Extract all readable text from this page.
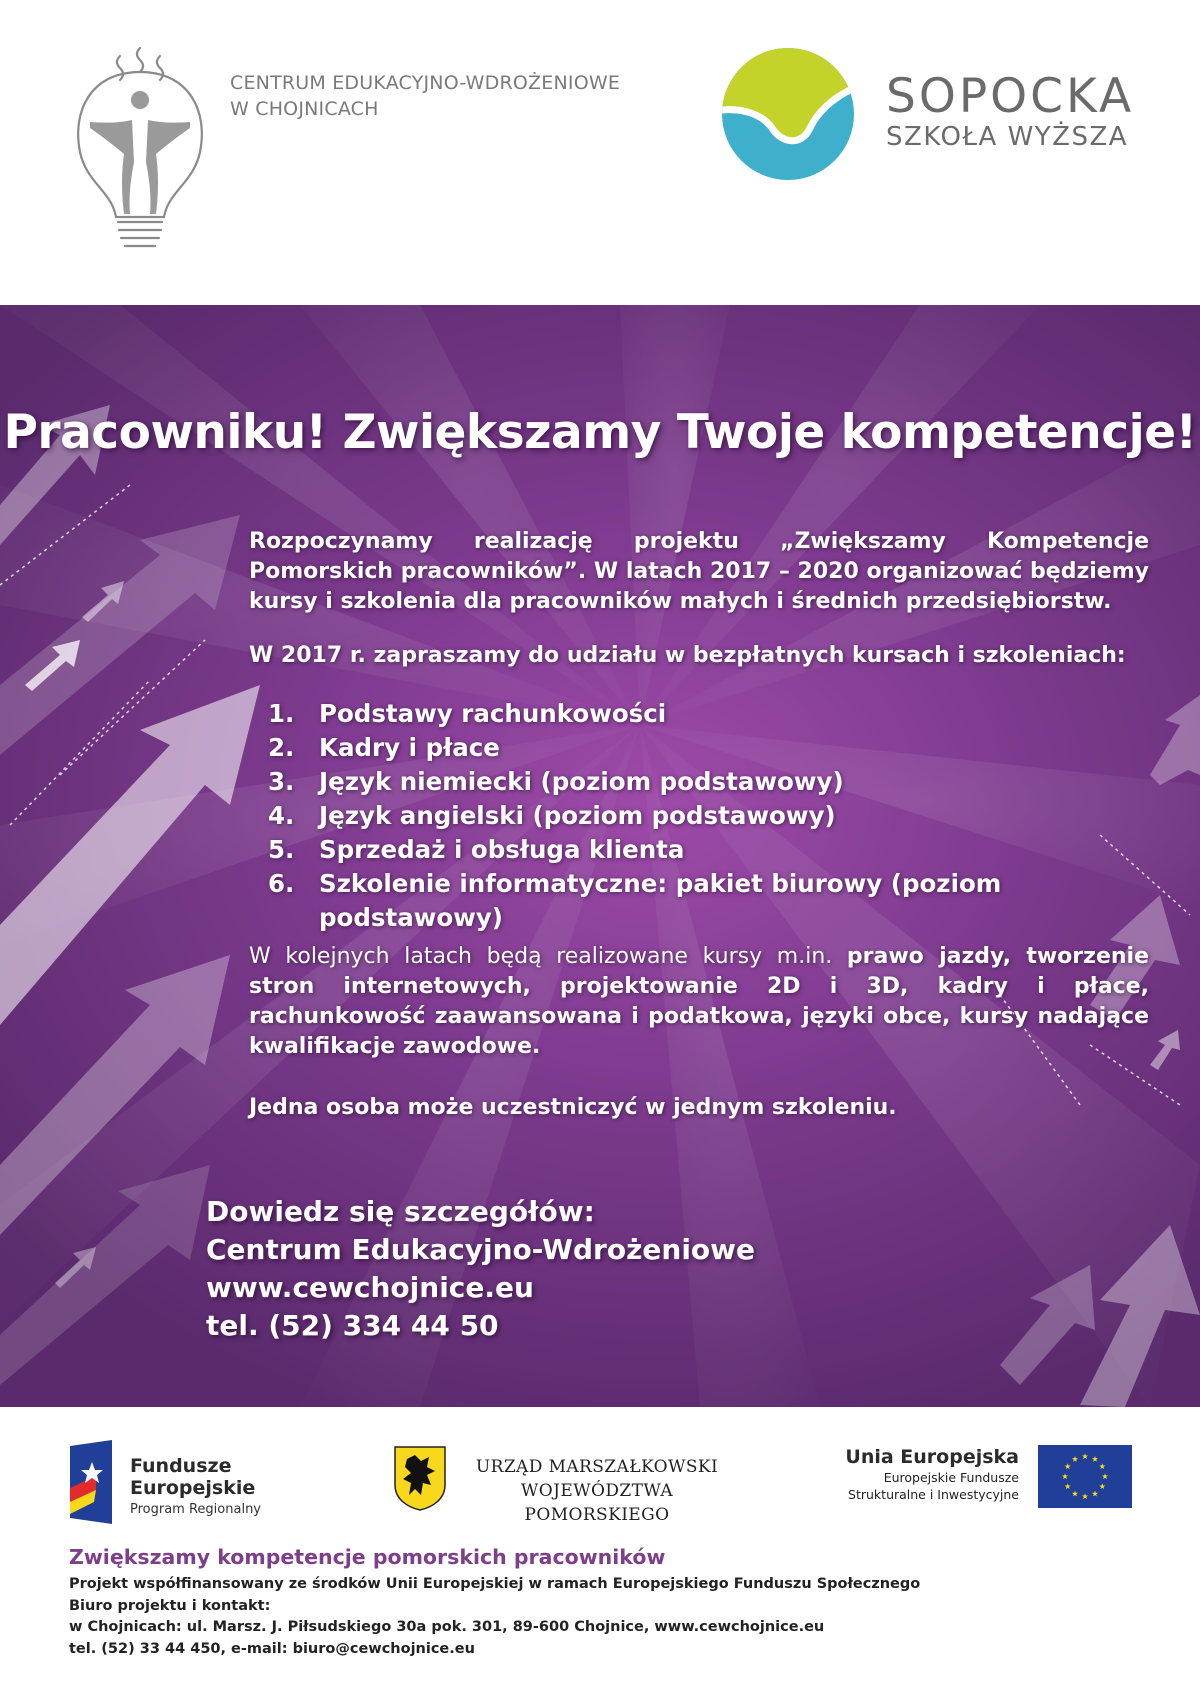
CENTRUM EDUKACYJNO-WDROŻENIOWE
W CHOJNICACH	SOPOCKA
SZKOŁA WYŻSZA
Pracowniku! Zwiększamy Twoje kompetencje!

Rozpoczynamy realizację projektu „Zwiększamy Kompetencje Pomorskich pracowników”. W latach 2017 – 2020 organizować będziemy kursy i szkolenia dla pracowników małych i średnich przedsiębiorstw.

W 2017 r. zapraszamy do udziału w bezpłatnych kursach i szkoleniach:

1.	Podstawy rachunkowości
2.	Kadry i płace
3.	Język niemiecki (poziom podstawowy)
4.	Język angielski (poziom podstawowy)
5.	Sprzedaż i obsługa klienta
6.	Szkolenie informatyczne: pakiet biurowy (poziom podstawowy)

W kolejnych latach będą realizowane kursy m.in. prawo jazdy, tworzenie stron internetowych, projektowanie 2D i 3D, kadry i płace, rachunkowość zaawansowana i podatkowa, języki obce, kursy nadające kwalifikacje zawodowe.

Jedna osoba może uczestniczyć w jednym szkoleniu.

Dowiedz się szczegółów:
Centrum Edukacyjno-Wdrożeniowe
www.cewchojnice.eu
tel. (52) 334 44 50
Fundusze
Europejskie
Program Regionalny
URZĄD MARSZAŁKOWSKI
WOJEWÓDZTWA POMORSKIEGO
Unia Europejska
Europejskie Fundusze
Strukturalne i Inwestycyjne
Zwiększamy kompetencje pomorskich pracowników
Projekt współfinansowany ze środków Unii Europejskiej w ramach Europejskiego Funduszu Społecznego
Biuro projektu i kontakt:
w Chojnicach: ul. Marsz. J. Piłsudskiego 30a pok. 301, 89-600 Chojnice, www.cewchojnice.eu
tel. (52) 33 44 450, e-mail: biuro@cewchojnice.eu
